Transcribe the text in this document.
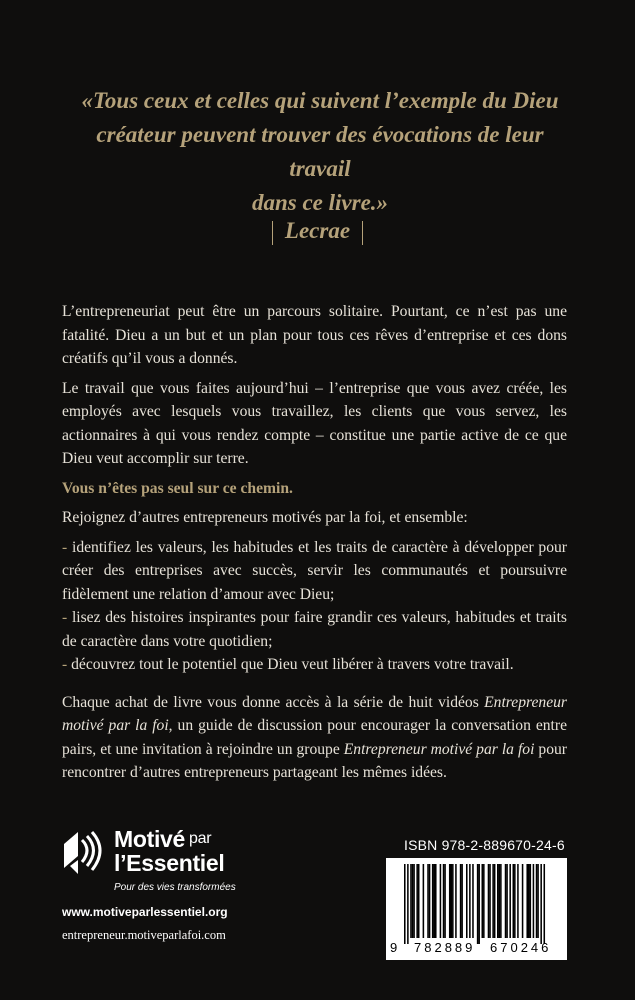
«Tous ceux et celles qui suivent l’exemple du Dieu
créateur peuvent trouver des évocations de leur travail
dans ce livre.»
Lecrae

L’entrepreneuriat peut être un parcours solitaire. Pourtant, ce n’est pas une fatalité. Dieu a un but et un plan pour tous ces rêves d’entreprise et ces dons créatifs qu’il vous a donnés.

Le travail que vous faites aujourd’hui – l’entreprise que vous avez créée, les employés avec lesquels vous travaillez, les clients que vous servez, les actionnaires à qui vous rendez compte – constitue une partie active de ce que Dieu veut accomplir sur terre.

Vous n’êtes pas seul sur ce chemin.

Rejoignez d’autres entrepreneurs motivés par la foi, et ensemble:

- identifiez les valeurs, les habitudes et les traits de caractère à développer pour créer des entreprises avec succès, servir les communautés et poursuivre fidèlement une relation d’amour avec Dieu;

- lisez des histoires inspirantes pour faire grandir ces valeurs, habitudes et traits de caractère dans votre quotidien;

- découvrez tout le potentiel que Dieu veut libérer à travers votre travail.

Chaque achat de livre vous donne accès à la série de huit vidéos Entrepreneur motivé par la foi, un guide de discussion pour encourager la conversation entre pairs, et une invitation à rejoindre un groupe Entrepreneur motivé par la foi pour rencontrer d’autres entrepreneurs partageant les mêmes idées.

Motivé par
l’Essentiel
Pour des vies transformées
www.motiveparlessentiel.org
entrepreneur.motiveparlafoi.com
ISBN 978-2-889670-24-6
9 782889 670246
